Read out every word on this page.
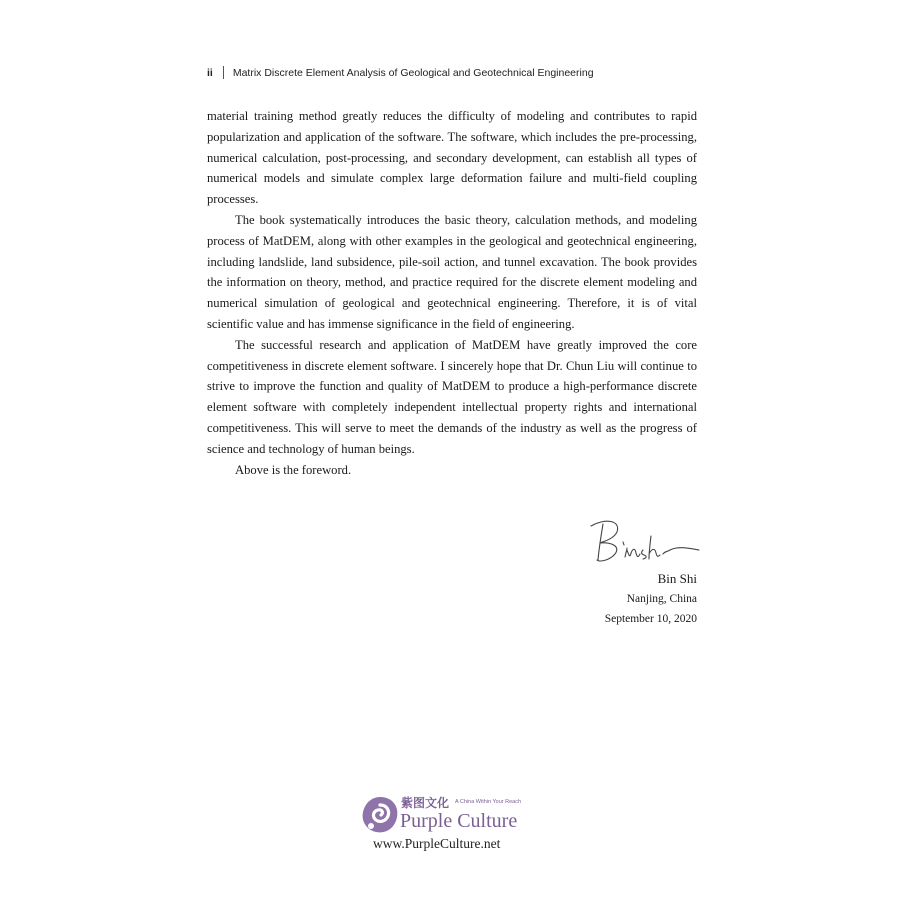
ii Matrix Discrete Element Analysis of Geological and Geotechnical Engineering

material training method greatly reduces the difficulty of modeling and contributes to rapid popularization and application of the software. The software, which includes the pre-processing, numerical calculation, post-processing, and secondary development, can establish all types of numerical models and simulate complex large deformation failure and multi-field coupling processes.

The book systematically introduces the basic theory, calculation methods, and modeling process of MatDEM, along with other examples in the geological and geotechnical engineering, including landslide, land subsidence, pile-soil action, and tunnel excavation. The book provides the information on theory, method, and practice required for the discrete element modeling and numerical simulation of geological and geotechnical engineering. Therefore, it is of vital scientific value and has immense significance in the field of engineering.

The successful research and application of MatDEM have greatly improved the core competitiveness in discrete element software. I sincerely hope that Dr. Chun Liu will continue to strive to improve the function and quality of MatDEM to produce a high-performance discrete element software with completely independent intellectual property rights and international competitiveness. This will serve to meet the demands of the industry as well as the progress of science and technology of human beings.

Above is the foreword.

Bin Shi
Nanjing, China
September 10, 2020
紫图文化 A China Within Your Reach
Purple Culture
www.PurpleCulture.net
